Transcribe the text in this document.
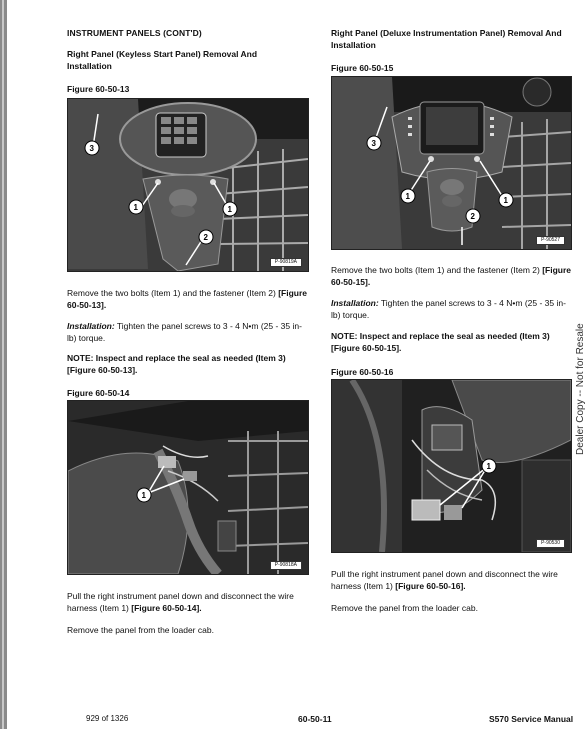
INSTRUMENT PANELS (CONT'D)
Right Panel (Keyless Start Panel) Removal And Installation
Figure 60-50-13
3
1	1
2
P-90819A
Remove the two bolts (Item 1) and the fastener (Item 2) [Figure 60-50-13].
Installation: Tighten the panel screws to 3 - 4 N•m (25 - 35 in-lb) torque.
NOTE: Inspect and replace the seal as needed (Item 3) [Figure 60-50-13].
Figure 60-50-14
1
P-90818A
Pull the right instrument panel down and disconnect the wire harness (Item 1) [Figure 60-50-14].
Remove the panel from the loader cab.
Right Panel (Deluxe Instrumentation Panel) Removal And Installation
Figure 60-50-15
3
1
2
1
P-90527
Remove the two bolts (Item 1) and the fastener (Item 2) [Figure 60-50-15].
Installation: Tighten the panel screws to 3 - 4 N•m (25 - 35 in-lb) torque.
NOTE: Inspect and replace the seal as needed (Item 3) [Figure 60-50-15].
Figure 60-50-16
1
P-90530
Pull the right instrument panel down and disconnect the wire harness (Item 1) [Figure 60-50-16].
Remove the panel from the loader cab.
Dealer Copy -- Not for Resale
929 of 1326	60-50-11	S570 Service Manual
